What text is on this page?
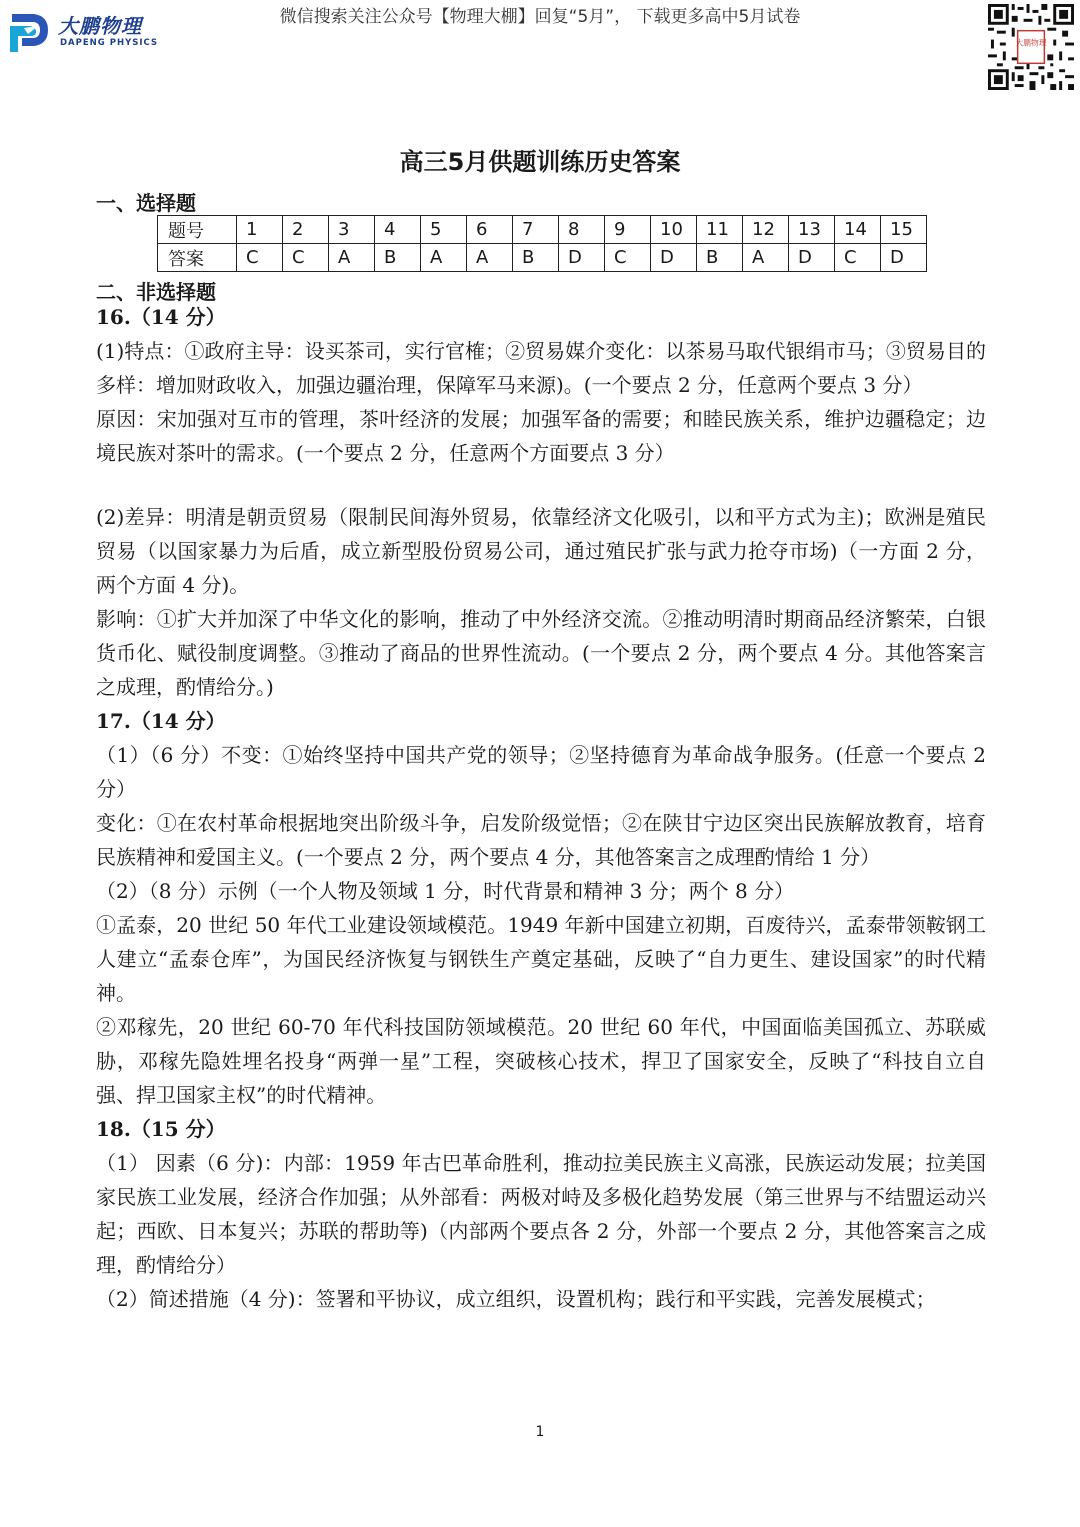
大鹏物理
DAPENG PHYSICS
微信搜索关注公众号【物理大棚】回复“5月”， 下载更多高中5月试卷
大鹏物理
高三5月供题训练历史答案
一、选择题
题号	1	2	3	4	5	6	7	8	9	10	11	12	13	14	15
答案	C	C	A	B	A	A	B	D	C	D	B	A	D	C	D
二、非选择题

16.（14 分）

(1)特点：①政府主导：设买茶司，实行官榷；②贸易媒介变化：以茶易马取代银绢市马；③贸易目的多样：增加财政收入，加强边疆治理，保障军马来源)。(一个要点 2 分，任意两个要点 3 分）

原因：宋加强对互市的管理，茶叶经济的发展；加强军备的需要；和睦民族关系，维护边疆稳定；边境民族对茶叶的需求。(一个要点 2 分，任意两个方面要点 3 分）

(2)差异：明清是朝贡贸易（限制民间海外贸易，依靠经济文化吸引，以和平方式为主)；欧洲是殖民贸易（以国家暴力为后盾，成立新型股份贸易公司，通过殖民扩张与武力抢夺市场)（一方面 2 分，两个方面 4 分)。

影响：①扩大并加深了中华文化的影响，推动了中外经济交流。②推动明清时期商品经济繁荣，白银货币化、赋役制度调整。③推动了商品的世界性流动。(一个要点 2 分，两个要点 4 分。其他答案言之成理，酌情给分。)

17.（14 分）

（1）（6 分）不变：①始终坚持中国共产党的领导；②坚持德育为革命战争服务。(任意一个要点 2 分）

变化：①在农村革命根据地突出阶级斗争，启发阶级觉悟；②在陕甘宁边区突出民族解放教育，培育民族精神和爱国主义。(一个要点 2 分，两个要点 4 分，其他答案言之成理酌情给 1 分）

（2）（8 分）示例（一个人物及领域 1 分，时代背景和精神 3 分；两个 8 分）

①孟泰，20 世纪 50 年代工业建设领域模范。1949 年新中国建立初期，百废待兴，孟泰带领鞍钢工人建立“孟泰仓库”，为国民经济恢复与钢铁生产奠定基础，反映了“自力更生、建设国家”的时代精神。

②邓稼先，20 世纪 60-70 年代科技国防领域模范。20 世纪 60 年代，中国面临美国孤立、苏联威胁，邓稼先隐姓埋名投身“两弹一星”工程，突破核心技术，捍卫了国家安全，反映了“科技自立自强、捍卫国家主权”的时代精神。

18.（15 分）

（1） 因素（6 分)：内部：1959 年古巴革命胜利，推动拉美民族主义高涨，民族运动发展；拉美国家民族工业发展，经济合作加强；从外部看：两极对峙及多极化趋势发展（第三世界与不结盟运动兴起；西欧、日本复兴；苏联的帮助等)（内部两个要点各 2 分，外部一个要点 2 分，其他答案言之成理，酌情给分）

（2）简述措施（4 分)：签署和平协议，成立组织，设置机构；践行和平实践，完善发展模式；

1
